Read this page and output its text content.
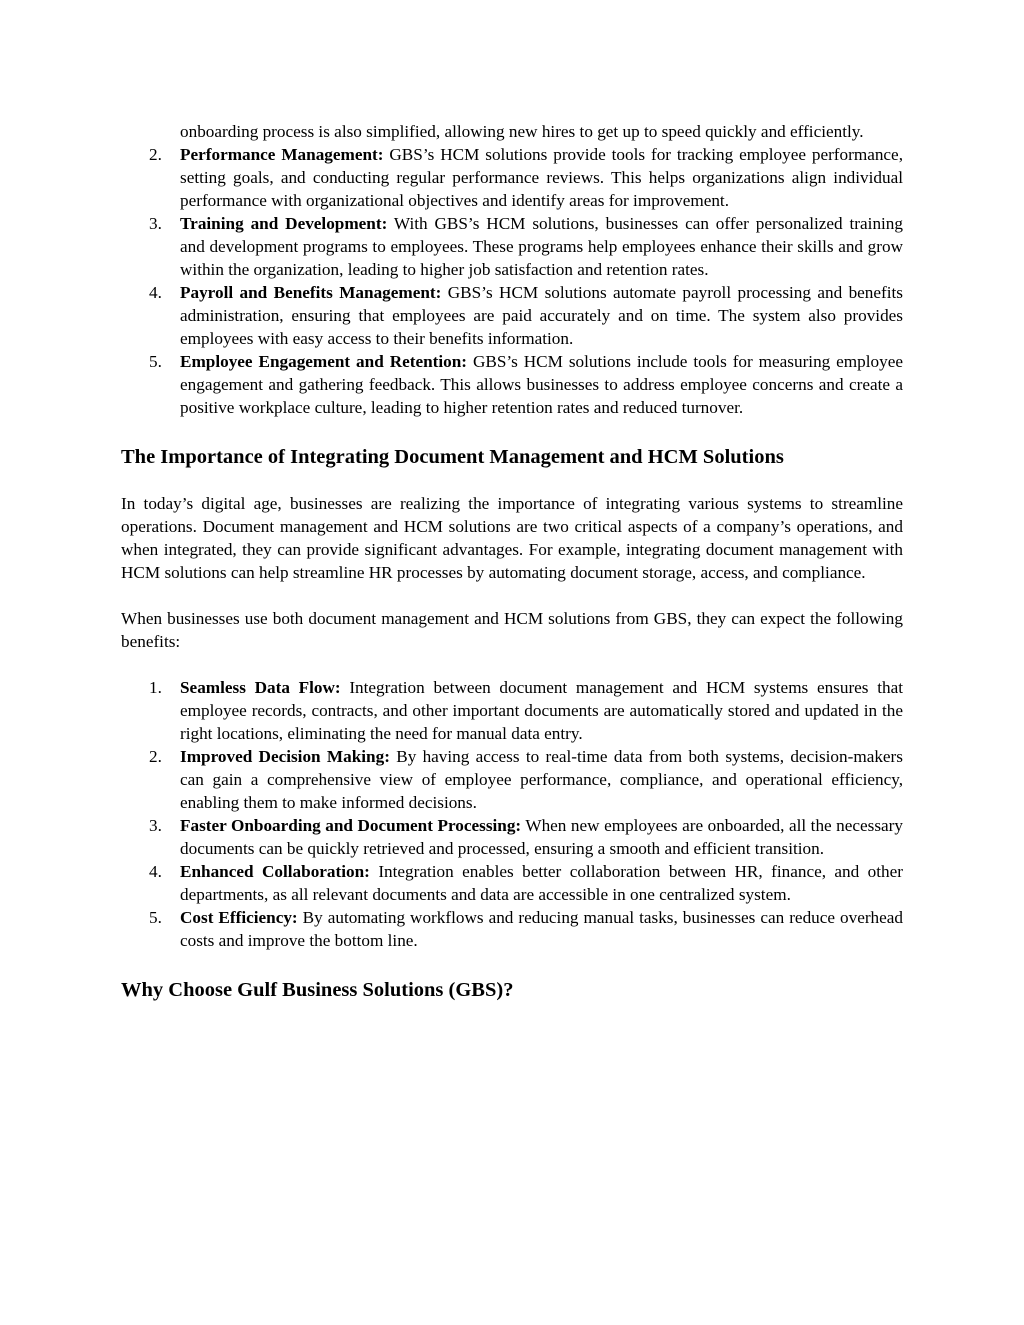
onboarding process is also simplified, allowing new hires to get up to speed quickly and efficiently.
2. Performance Management: GBS’s HCM solutions provide tools for tracking employee performance, setting goals, and conducting regular performance reviews. This helps organizations align individual performance with organizational objectives and identify areas for improvement.
3. Training and Development: With GBS’s HCM solutions, businesses can offer personalized training and development programs to employees. These programs help employees enhance their skills and grow within the organization, leading to higher job satisfaction and retention rates.
4. Payroll and Benefits Management: GBS’s HCM solutions automate payroll processing and benefits administration, ensuring that employees are paid accurately and on time. The system also provides employees with easy access to their benefits information.
5. Employee Engagement and Retention: GBS’s HCM solutions include tools for measuring employee engagement and gathering feedback. This allows businesses to address employee concerns and create a positive workplace culture, leading to higher retention rates and reduced turnover.
The Importance of Integrating Document Management and HCM Solutions

In today’s digital age, businesses are realizing the importance of integrating various systems to streamline operations. Document management and HCM solutions are two critical aspects of a company’s operations, and when integrated, they can provide significant advantages. For example, integrating document management with HCM solutions can help streamline HR processes by automating document storage, access, and compliance.

When businesses use both document management and HCM solutions from GBS, they can expect the following benefits:

1. Seamless Data Flow: Integration between document management and HCM systems ensures that employee records, contracts, and other important documents are automatically stored and updated in the right locations, eliminating the need for manual data entry.
2. Improved Decision Making: By having access to real-time data from both systems, decision-makers can gain a comprehensive view of employee performance, compliance, and operational efficiency, enabling them to make informed decisions.
3. Faster Onboarding and Document Processing: When new employees are onboarded, all the necessary documents can be quickly retrieved and processed, ensuring a smooth and efficient transition.
4. Enhanced Collaboration: Integration enables better collaboration between HR, finance, and other departments, as all relevant documents and data are accessible in one centralized system.
5. Cost Efficiency: By automating workflows and reducing manual tasks, businesses can reduce overhead costs and improve the bottom line.
Why Choose Gulf Business Solutions (GBS)?
